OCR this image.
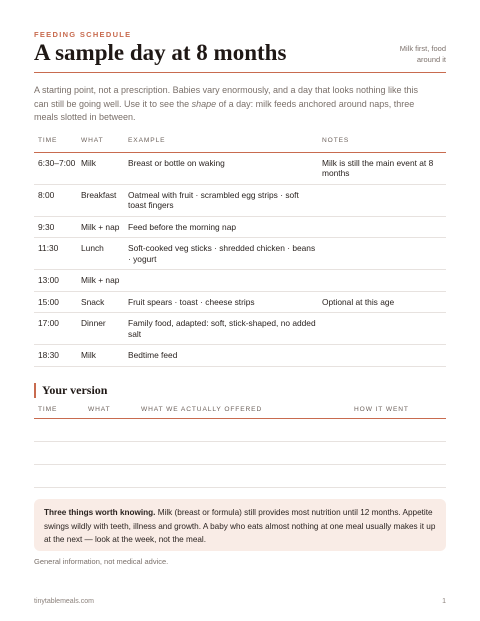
FEEDING SCHEDULE
A sample day at 8 months	Milk first, food around it

A starting point, not a prescription. Babies vary enormously, and a day that looks nothing like this can still be going well. Use it to see the shape of a day: milk feeds anchored around naps, three meals slotted in between.

TIME	WHAT	EXAMPLE	NOTES
6:30–7:00	Milk	Breast or bottle on waking	Milk is still the main event at 8 months
8:00	Breakfast	Oatmeal with fruit · scrambled egg strips · soft toast fingers	
9:30	Milk + nap	Feed before the morning nap	
11:30	Lunch	Soft-cooked veg sticks · shredded chicken · beans · yogurt	
13:00	Milk + nap		
15:00	Snack	Fruit spears · toast · cheese strips	Optional at this age
17:00	Dinner	Family food, adapted: soft, stick-shaped, no added salt	
18:30	Milk	Bedtime feed	
Your version
TIME	WHAT	WHAT WE ACTUALLY OFFERED	HOW IT WENT

Three things worth knowing. Milk (breast or formula) still provides most nutrition until 12 months. Appetite swings wildly with teeth, illness and growth. A baby who eats almost nothing at one meal usually makes it up at the next — look at the week, not the meal.
General information, not medical advice.
tinytablemeals.com	1
